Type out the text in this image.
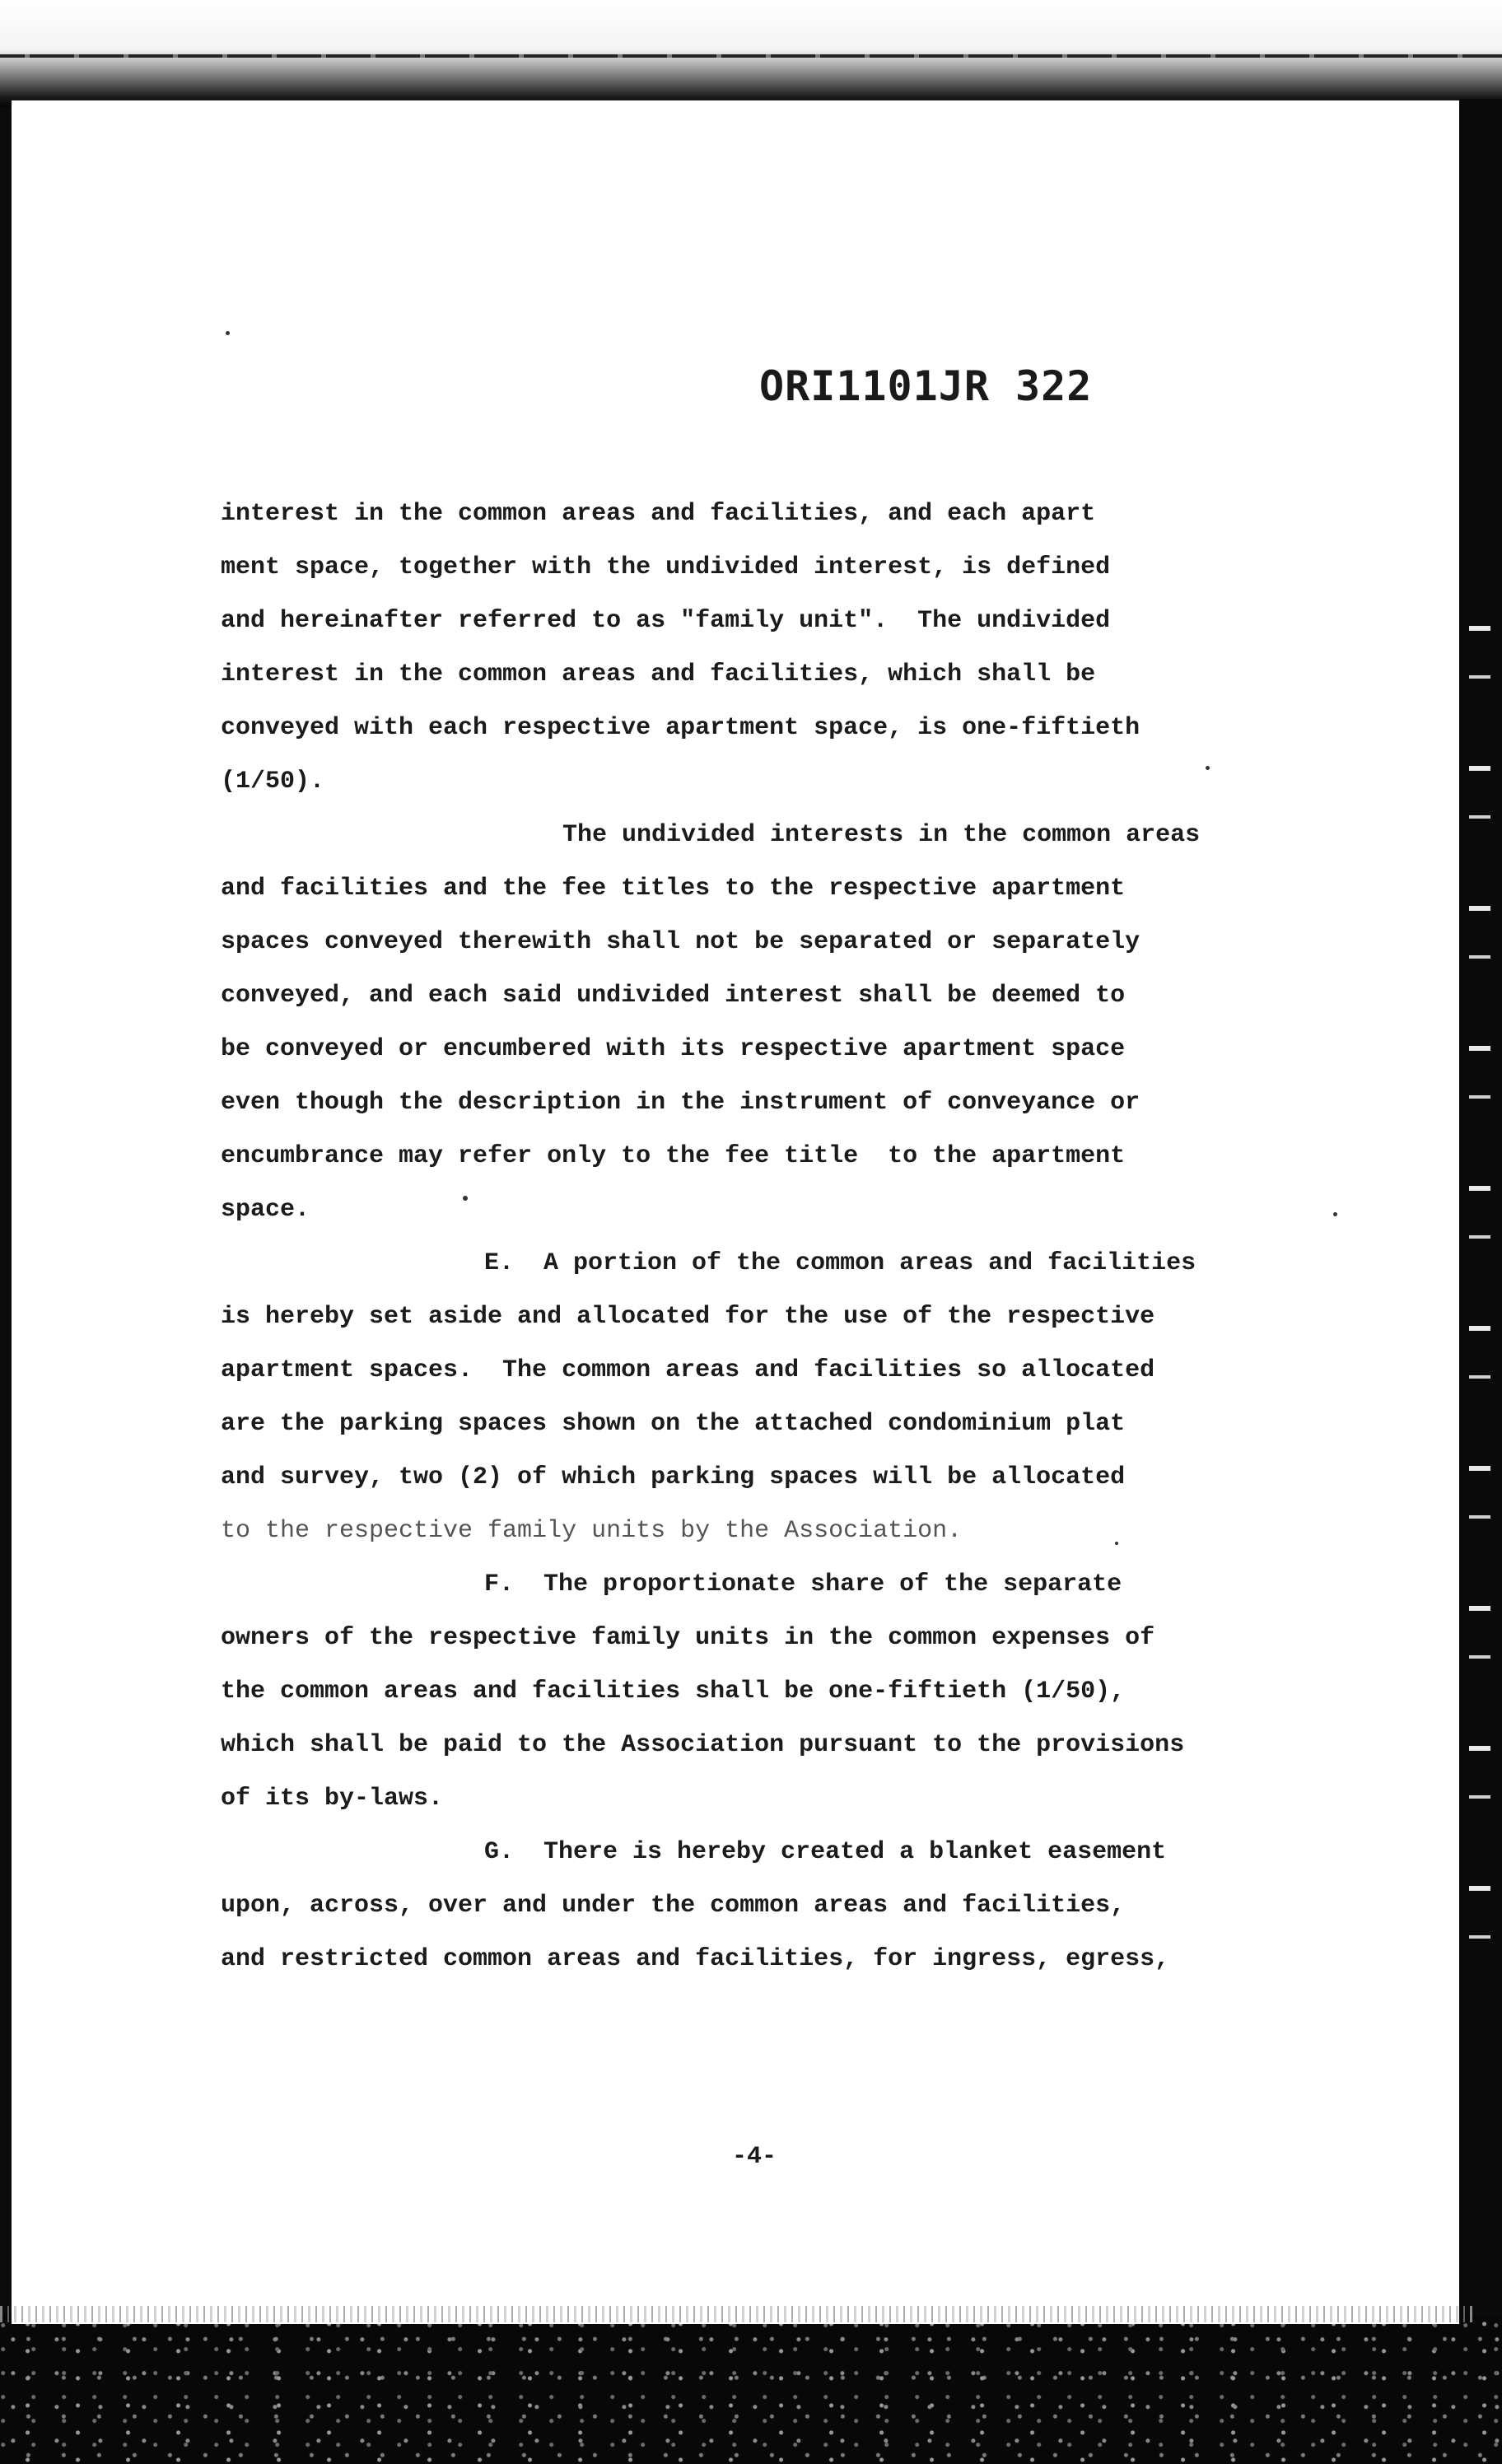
ORI1101JR 322

interest in the common areas and facilities, and each apart
ment space, together with the undivided interest, is defined
and hereinafter referred to as "family unit".  The undivided
interest in the common areas and facilities, which shall be
conveyed with each respective apartment space, is one-fiftieth
(1/50).

The undivided interests in the common areas
and facilities and the fee titles to the respective apartment
spaces conveyed therewith shall not be separated or separately
conveyed, and each said undivided interest shall be deemed to
be conveyed or encumbered with its respective apartment space
even though the description in the instrument of conveyance or
encumbrance may refer only to the fee title  to the apartment
space.

E.  A portion of the common areas and facilities
is hereby set aside and allocated for the use of the respective
apartment spaces.  The common areas and facilities so allocated
are the parking spaces shown on the attached condominium plat
and survey, two (2) of which parking spaces will be allocated
to the respective family units by the Association.

F.  The proportionate share of the separate
owners of the respective family units in the common expenses of
the common areas and facilities shall be one-fiftieth (1/50),
which shall be paid to the Association pursuant to the provisions
of its by-laws.

G.  There is hereby created a blanket easement
upon, across, over and under the common areas and facilities,
and restricted common areas and facilities, for ingress, egress,

-4-
